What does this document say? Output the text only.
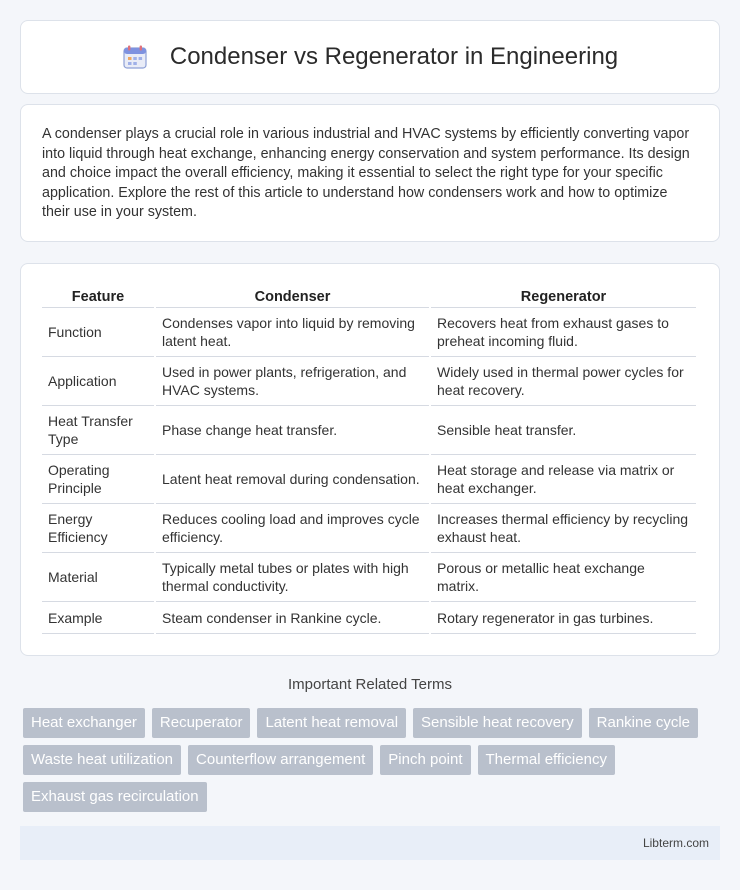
Condenser vs Regenerator in Engineering

A condenser plays a crucial role in various industrial and HVAC systems by efficiently converting vapor into liquid through heat exchange, enhancing energy conservation and system performance. Its design and choice impact the overall efficiency, making it essential to select the right type for your specific application. Explore the rest of this article to understand how condensers work and how to optimize their use in your system.

Feature	Condenser	Regenerator
Function	Condenses vapor into liquid by removing latent heat.	Recovers heat from exhaust gases to preheat incoming fluid.
Application	Used in power plants, refrigeration, and HVAC systems.	Widely used in thermal power cycles for heat recovery.
Heat Transfer Type	Phase change heat transfer.	Sensible heat transfer.
Operating Principle	Latent heat removal during condensation.	Heat storage and release via matrix or heat exchanger.
Energy Efficiency	Reduces cooling load and improves cycle efficiency.	Increases thermal efficiency by recycling exhaust heat.
Material	Typically metal tubes or plates with high thermal conductivity.	Porous or metallic heat exchange matrix.
Example	Steam condenser in Rankine cycle.	Rotary regenerator in gas turbines.
Important Related Terms
Heat exchanger	Recuperator	Latent heat removal	Sensible heat recovery	Rankine cycle
Waste heat utilization	Counterflow arrangement	Pinch point	Thermal efficiency
Exhaust gas recirculation
Libterm.com
